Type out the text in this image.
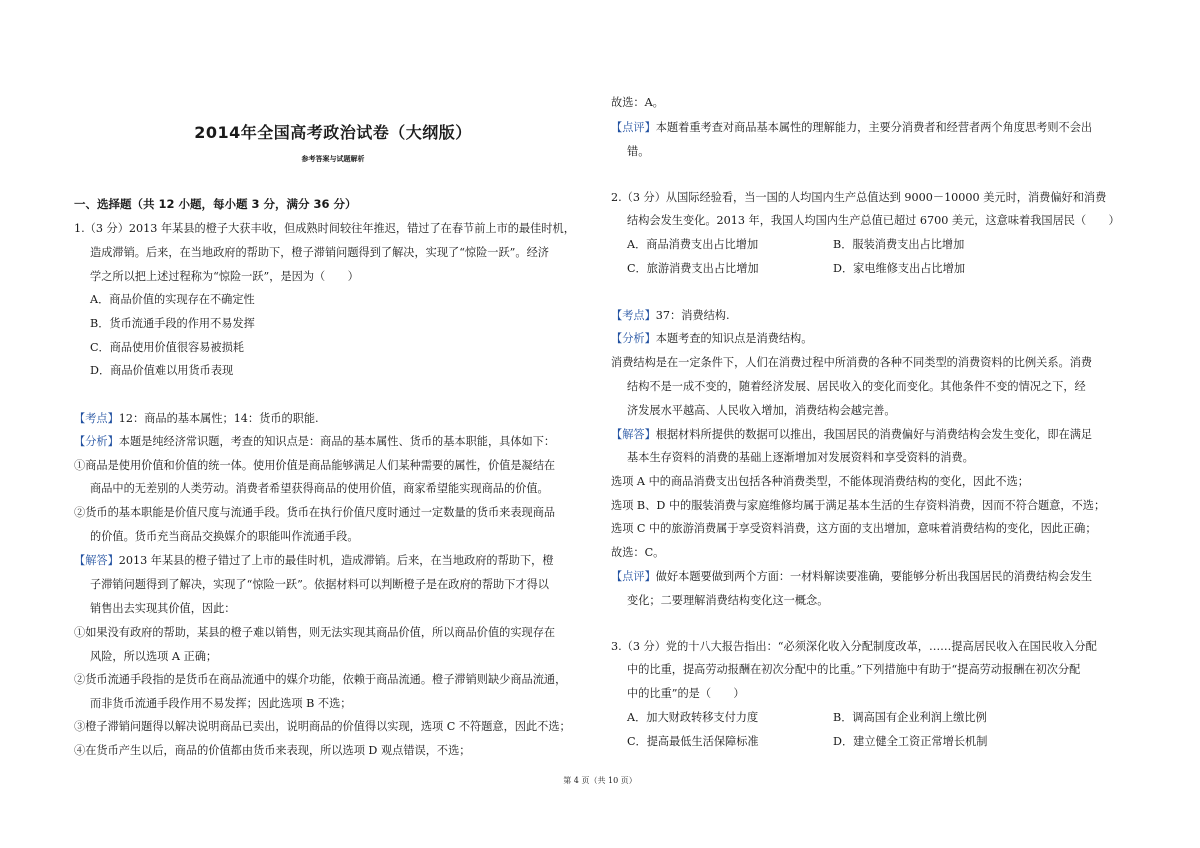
2014年全国高考政治试卷（大纲版）
参考答案与试题解析
一、选择题（共 12 小题，每小题 3 分，满分 36 分）
1.（3 分）2013 年某县的橙子大获丰收，但成熟时间较往年推迟，错过了在春节前上市的最佳时机，
造成滞销。后来，在当地政府的帮助下，橙子滞销问题得到了解决，实现了“惊险一跃”。经济
学之所以把上述过程称为“惊险一跃”，是因为（　　）
A．商品价值的实现存在不确定性
B．货币流通手段的作用不易发挥
C．商品使用价值很容易被损耗
D．商品价值难以用货币表现
【考点】12：商品的基本属性；14：货币的职能.
【分析】本题是纯经济常识题，考查的知识点是：商品的基本属性、货币的基本职能，具体如下：
①商品是使用价值和价值的统一体。使用价值是商品能够满足人们某种需要的属性，价值是凝结在
商品中的无差别的人类劳动。消费者希望获得商品的使用价值，商家希望能实现商品的价值。
②货币的基本职能是价值尺度与流通手段。货币在执行价值尺度时通过一定数量的货币来表现商品
的价值。货币充当商品交换媒介的职能叫作流通手段。
【解答】2013 年某县的橙子错过了上市的最佳时机，造成滞销。后来，在当地政府的帮助下，橙
子滞销问题得到了解决，实现了“惊险一跃”。依据材料可以判断橙子是在政府的帮助下才得以
销售出去实现其价值，因此：
①如果没有政府的帮助，某县的橙子难以销售，则无法实现其商品价值，所以商品价值的实现存在
风险，所以选项 A 正确；
②货币流通手段指的是货币在商品流通中的媒介功能，依赖于商品流通。橙子滞销则缺少商品流通，
而非货币流通手段作用不易发挥；因此选项 B 不选；
③橙子滞销问题得以解决说明商品已卖出，说明商品的价值得以实现，选项 C 不符题意，因此不选；
④在货币产生以后，商品的价值都由货币来表现，所以选项 D 观点错误，不选；
故选：A。
【点评】本题着重考查对商品基本属性的理解能力，主要分消费者和经营者两个角度思考则不会出
错。
2.（3 分）从国际经验看，当一国的人均国内生产总值达到 9000－10000 美元时，消费偏好和消费
结构会发生变化。2013 年，我国人均国内生产总值已超过 6700 美元，这意味着我国居民（　　）
A．商品消费支出占比增加	B．服装消费支出占比增加
C．旅游消费支出占比增加	D．家电维修支出占比增加
【考点】37：消费结构.
【分析】本题考查的知识点是消费结构。
消费结构是在一定条件下，人们在消费过程中所消费的各种不同类型的消费资料的比例关系。消费
结构不是一成不变的，随着经济发展、居民收入的变化而变化。其他条件不变的情况之下，经
济发展水平越高、人民收入增加，消费结构会越完善。
【解答】根据材料所提供的数据可以推出，我国居民的消费偏好与消费结构会发生变化，即在满足
基本生存资料的消费的基础上逐渐增加对发展资料和享受资料的消费。
选项 A 中的商品消费支出包括各种消费类型，不能体现消费结构的变化，因此不选；
选项 B、D 中的服装消费与家庭维修均属于满足基本生活的生存资料消费，因而不符合题意，不选；
选项 C 中的旅游消费属于享受资料消费，这方面的支出增加，意味着消费结构的变化，因此正确；
故选：C。
【点评】做好本题要做到两个方面：一材料解读要准确，要能够分析出我国居民的消费结构会发生
变化；二要理解消费结构变化这一概念。
3.（3 分）党的十八大报告指出：“必须深化收入分配制度改革，……提高居民收入在国民收入分配
中的比重，提高劳动报酬在初次分配中的比重。”下列措施中有助于“提高劳动报酬在初次分配
中的比重”的是（　　）
A．加大财政转移支付力度	B．调高国有企业利润上缴比例
C．提高最低生活保障标准	D．建立健全工资正常增长机制
第 4 页（共 10 页）
